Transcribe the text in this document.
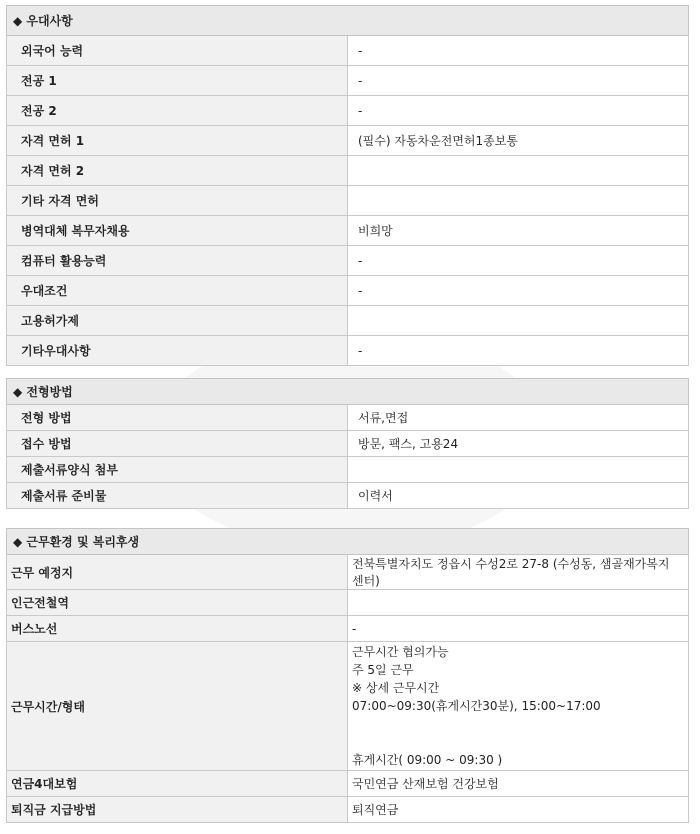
◆ 우대사항	
외국어 능력	-
전공 1	-
전공 2	-
자격 면허 1	(필수) 자동차운전면허1종보통
자격 면허 2	
기타 자격 면허	
병역대체 복무자채용	비희망
컴퓨터 활용능력	-
우대조건	-
고용허가제	
기타우대사항	-
◆ 전형방법	
전형 방법	서류,면접
접수 방법	방문, 팩스, 고용24
제출서류양식 첨부	
제출서류 준비물	이력서
◆ 근무환경 및 복리후생	
근무 예정지	전북특별자치도 정읍시 수성2로 27-8 (수성동, 샘골재가복지센터)
인근전철역	
버스노선	-
근무시간/형태	근무시간 협의가능
주 5일 근무
※ 상세 근무시간
07:00~09:30(휴게시간30분), 15:00~17:00
휴게시간( 09:00 ~ 09:30 )

연금4대보험	국민연금 산재보험 건강보험
퇴직금 지급방법	퇴직연금
